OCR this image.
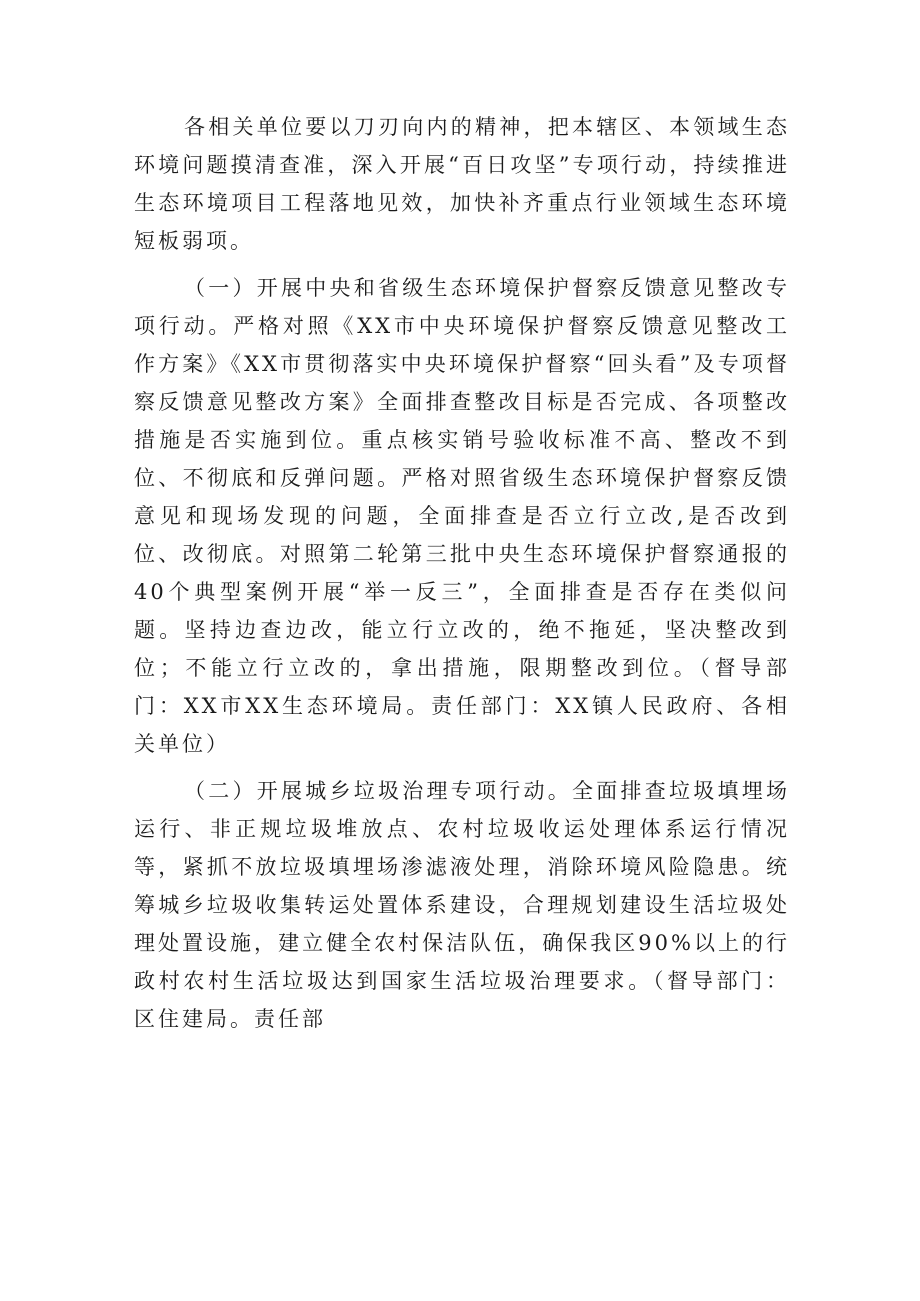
各相关单位要以刀刃向内的精神，把本辖区、本领域生态环境问题摸清查准，深入开展“百日攻坚”专项行动，持续推进生态环境项目工程落地见效，加快补齐重点行业领域生态环境短板弱项。

（一）开展中央和省级生态环境保护督察反馈意见整改专项行动。严格对照《XX市中央环境保护督察反馈意见整改工作方案》《XX市贯彻落实中央环境保护督察“回头看”及专项督察反馈意见整改方案》全面排查整改目标是否完成、各项整改措施是否实施到位。重点核实销号验收标准不高、整改不到位、不彻底和反弹问题。严格对照省级生态环境保护督察反馈意见和现场发现的问题，全面排查是否立行立改,是否改到位、改彻底。对照第二轮第三批中央生态环境保护督察通报的40个典型案例开展“举一反三”，全面排查是否存在类似问题。坚持边查边改，能立行立改的，绝不拖延，坚决整改到位；不能立行立改的，拿出措施，限期整改到位。（督导部门：XX市XX生态环境局。责任部门：XX镇人民政府、各相关单位）

（二）开展城乡垃圾治理专项行动。全面排查垃圾填埋场运行、非正规垃圾堆放点、农村垃圾收运处理体系运行情况等，紧抓不放垃圾填埋场渗滤液处理，消除环境风险隐患。统筹城乡垃圾收集转运处置体系建设，合理规划建设生活垃圾处理处置设施，建立健全农村保洁队伍，确保我区90%以上的行政村农村生活垃圾达到国家生活垃圾治理要求。（督导部门：区住建局。责任部
